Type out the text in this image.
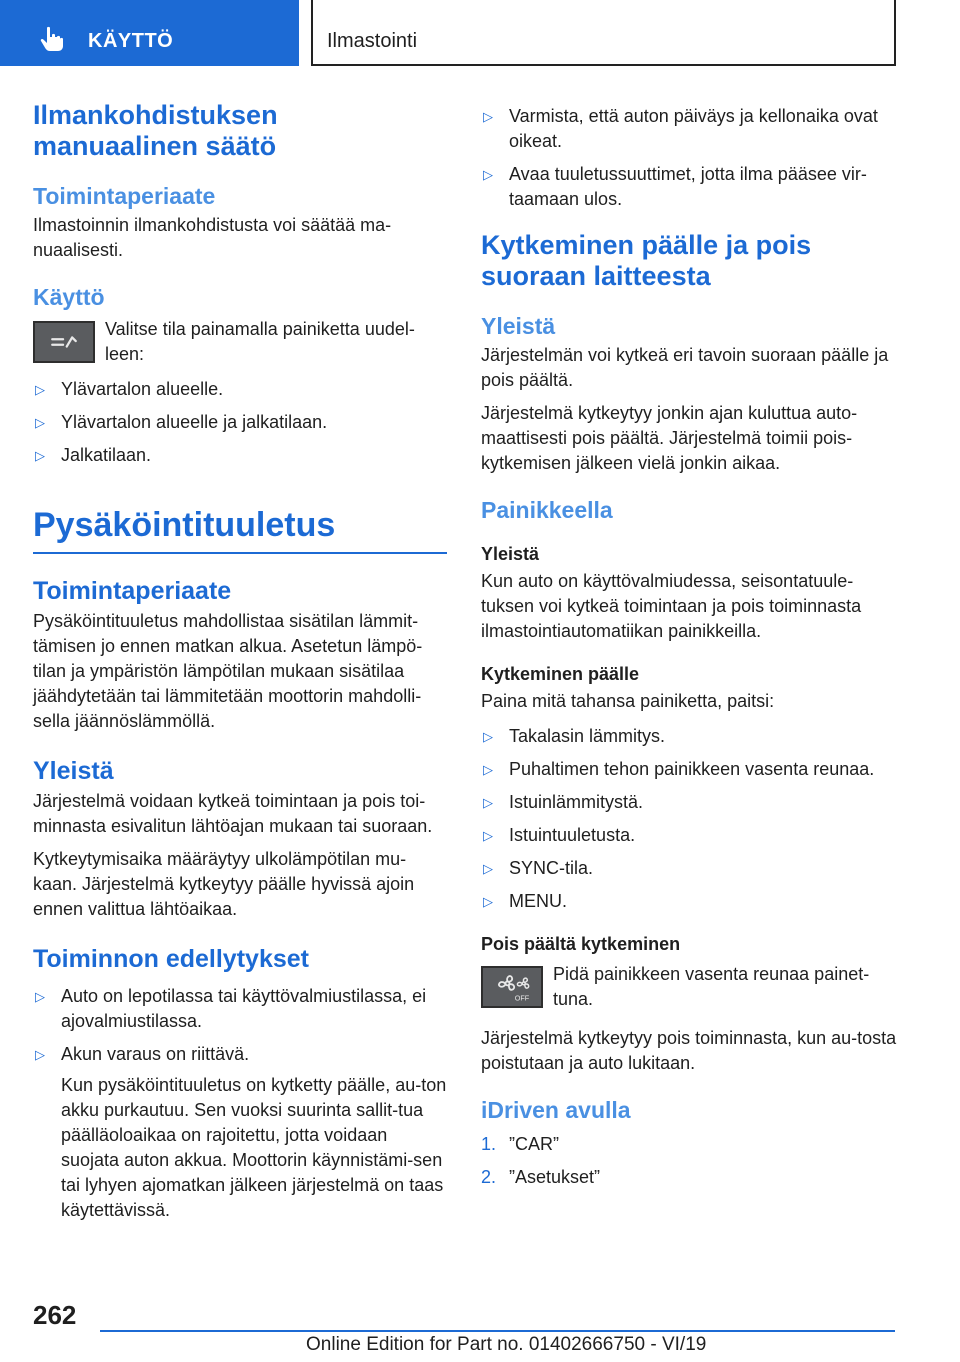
KÄYTTÖ	Ilmastointi
Ilmankohdistuksen manuaalinen säätö
Toimintaperiaate

Ilmastoinnin ilmankohdistusta voi säätää ma-nuaalisesti.

Käyttö
Valitse tila painamalla painiketta uudel-leen:
▷ Ylävartalon alueelle.
▷ Ylävartalon alueelle ja jalkatilaan.
▷ Jalkatilaan.
Pysäköintituuletus
Toimintaperiaate

Pysäköintituuletus mahdollistaa sisätilan lämmit-tämisen jo ennen matkan alkua. Asetetun lämpö-tilan ja ympäristön lämpötilan mukaan sisätilaa jäähdytetään tai lämmitetään moottorin mahdolli-sella jäännöslämmöllä.

Yleistä

Järjestelmä voidaan kytkeä toimintaan ja pois toi-minnasta esivalitun lähtöajan mukaan tai suoraan.

Kytkeytymisaika määräytyy ulkolämpötilan mu-kaan. Järjestelmä kytkeytyy päälle hyvissä ajoin ennen valittua lähtöaikaa.

Toiminnon edellytykset
▷ Auto on lepotilassa tai käyttövalmiustilassa, ei ajovalmiustilassa.
▷ Akun varaus on riittävä.
Kun pysäköintituuletus on kytketty päälle, au-ton akku purkautuu. Sen vuoksi suurinta sallit-tua päälläoloaikaa on rajoitettu, jotta voidaan suojata auton akkua. Moottorin käynnistämi-sen tai lyhyen ajomatkan jälkeen järjestelmä on taas käytettävissä.
▷ Varmista, että auton päiväys ja kellonaika ovat oikeat.
▷ Avaa tuuletussuuttimet, jotta ilma pääsee vir-taamaan ulos.
Kytkeminen päälle ja pois suoraan laitteesta
Yleistä

Järjestelmän voi kytkeä eri tavoin suoraan päälle ja pois päältä.

Järjestelmä kytkeytyy jonkin ajan kuluttua auto-maattisesti pois päältä. Järjestelmä toimii pois-kytkemisen jälkeen vielä jonkin aikaa.

Painikkeella
Yleistä

Kun auto on käyttövalmiudessa, seisontatuule-tuksen voi kytkeä toimintaan ja pois toiminnasta ilmastointiautomatiikan painikkeilla.

Kytkeminen päälle

Paina mitä tahansa painiketta, paitsi:

▷ Takalasin lämmitys.
▷ Puhaltimen tehon painikkeen vasenta reunaa.
▷ Istuinlämmitystä.
▷ Istuintuuletusta.
▷ SYNC-tila.
▷ MENU.
Pois päältä kytkeminen
OFF
Pidä painikkeen vasenta reunaa painet-tuna.

Järjestelmä kytkeytyy pois toiminnasta, kun au-tosta poistutaan ja auto lukitaan.

iDriven avulla
1. ”CAR”
2. ”Asetukset”
262
Online Edition for Part no. 01402666750 - VI/19
